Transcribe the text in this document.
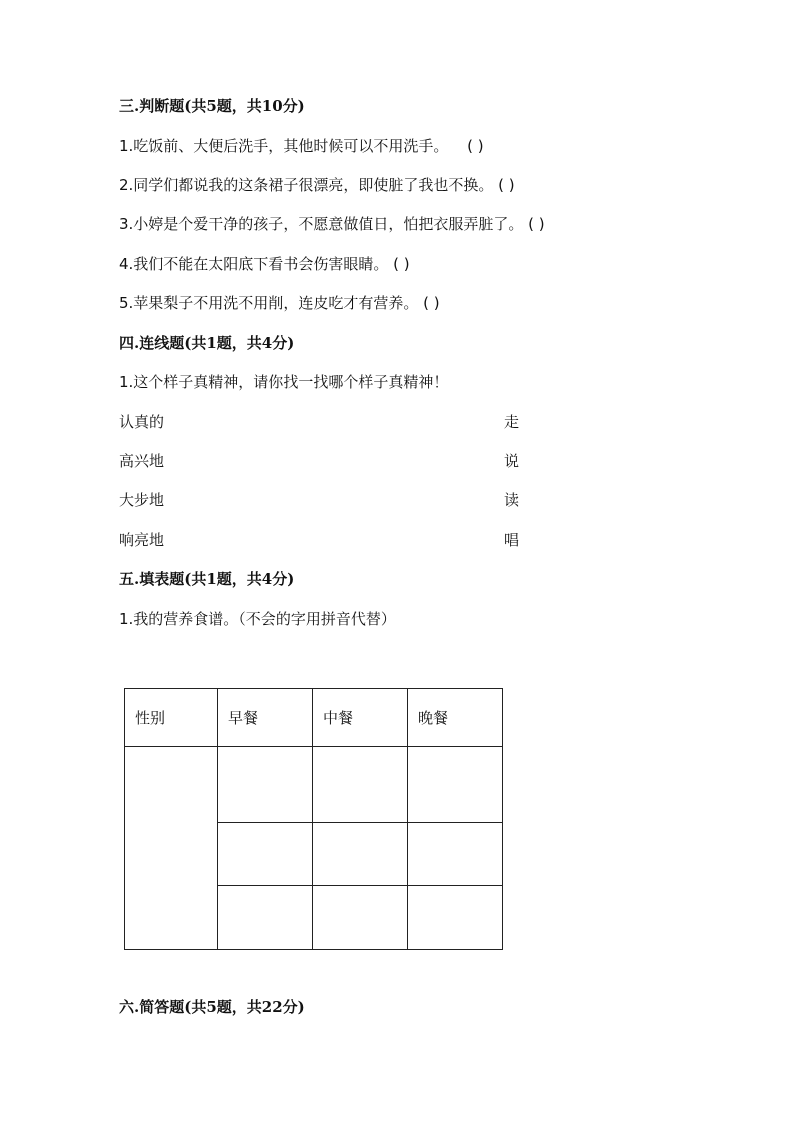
三.判断题(共5题，共10分)
1.吃饭前、大便后洗手，其他时候可以不用洗手。 ( )
2.同学们都说我的这条裙子很漂亮，即使脏了我也不换。 ( )
3.小婷是个爱干净的孩子，不愿意做值日，怕把衣服弄脏了。 ( )
4.我们不能在太阳底下看书会伤害眼睛。 ( )
5.苹果梨子不用洗不用削，连皮吃才有营养。 ( )
四.连线题(共1题，共4分)
1.这个样子真精神，请你找一找哪个样子真精神！
认真的	走
高兴地	说
大步地	读
响亮地	唱
五.填表题(共1题，共4分)
1.我的营养食谱。（不会的字用拼音代替）
性别	早餐	中餐	晚餐

六.简答题(共5题，共22分)
